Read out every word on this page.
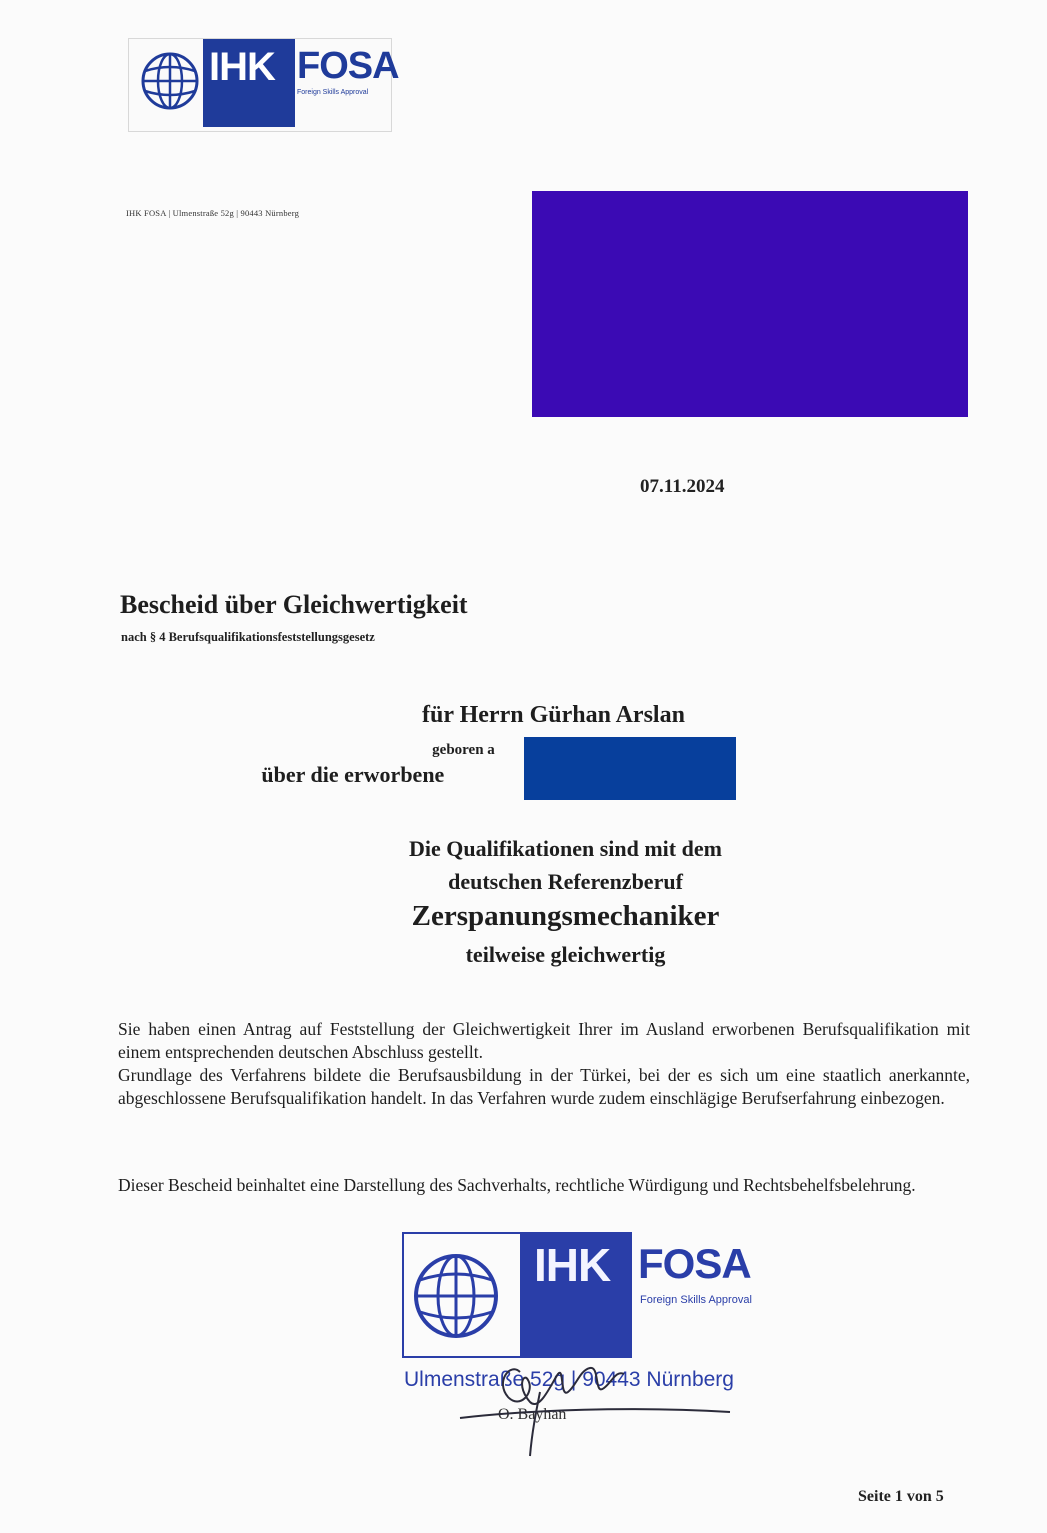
IHK FOSA
Foreign Skills Approval
IHK FOSA | Ulmenstraße 52g | 90443 Nürnberg
07.11.2024
Bescheid über Gleichwertigkeit
nach § 4 Berufsqualifikationsfeststellungsgesetz
für Herrn Gürhan Arslan
geboren a
über die erworbene
Die Qualifikationen sind mit dem
deutschen Referenzberuf
Zerspanungsmechaniker
teilweise gleichwertig
Sie haben einen Antrag auf Feststellung der Gleichwertigkeit Ihrer im Ausland erworbenen Berufsqualifikation mit einem entsprechenden deutschen Abschluss gestellt.
Grundlage des Verfahrens bildete die Berufsausbildung in der Türkei, bei der es sich um eine staatlich anerkannte, abgeschlossene Berufsqualifikation handelt. In das Verfahren wurde zudem einschlägige Berufserfahrung einbezogen.
Dieser Bescheid beinhaltet eine Darstellung des Sachverhalts, rechtliche Würdigung und Rechtsbehelfsbelehrung.
IHK FOSA
Foreign Skills Approval
Ulmenstraße 52g | 90443 Nürnberg
O. Bayhan
Seite 1 von 5
